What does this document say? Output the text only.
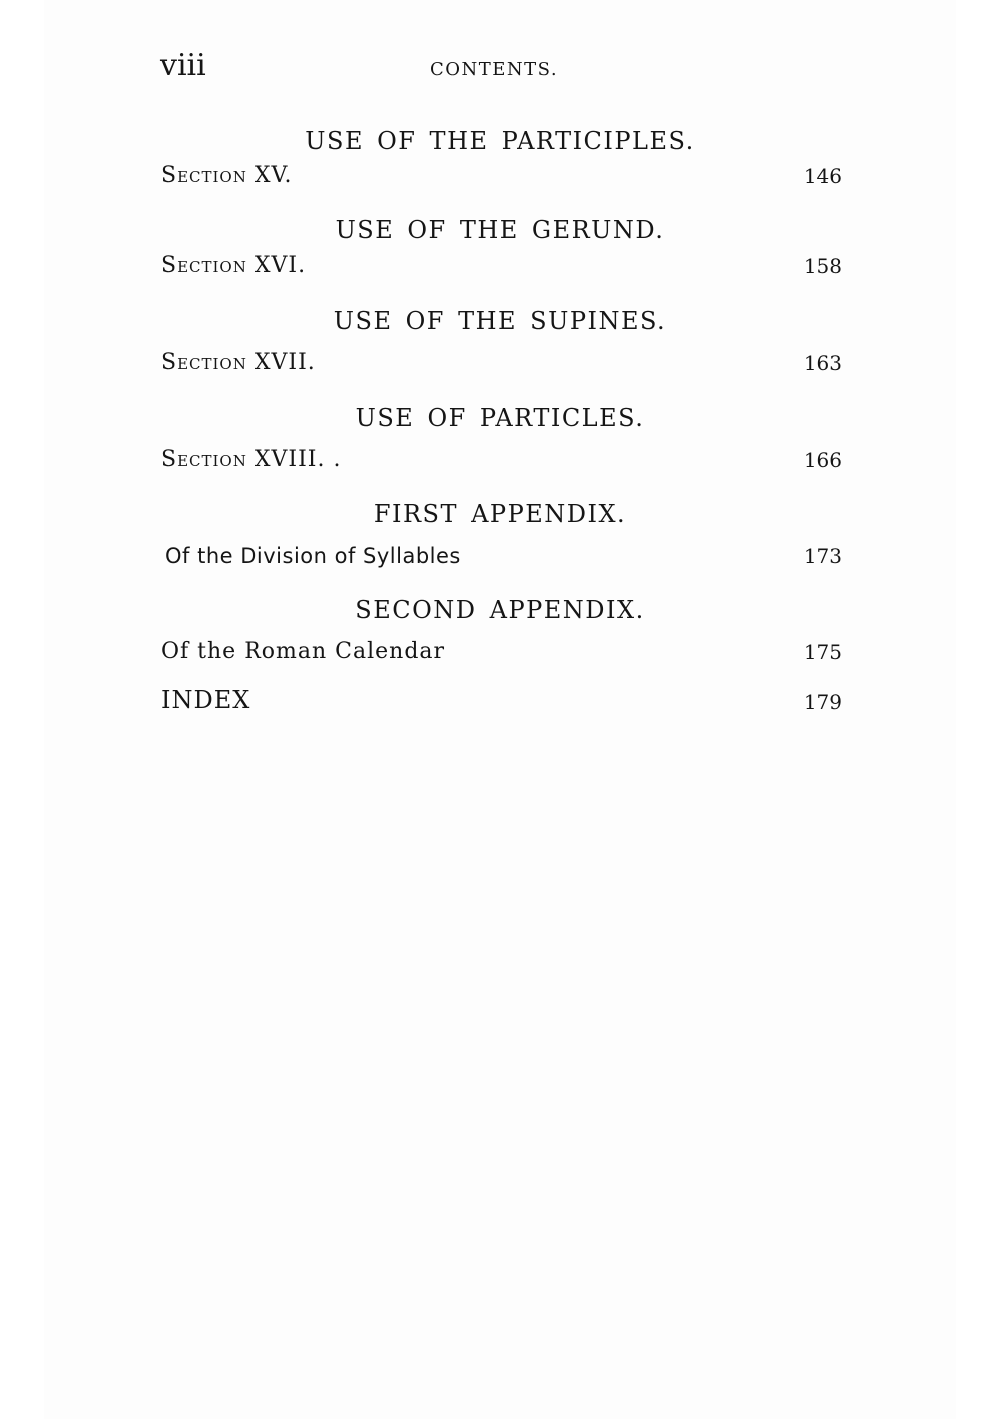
viii	CONTENTS.
USE OF THE PARTICIPLES.
Section XV.	146
USE OF THE GERUND.
Section XVI.	158
USE OF THE SUPINES.
Section XVII.	163
USE OF PARTICLES.
Section XVIII. .	166
FIRST APPENDIX.
Of the Division of Syllables	173
SECOND APPENDIX.
Of the Roman Calendar	175
INDEX	179
